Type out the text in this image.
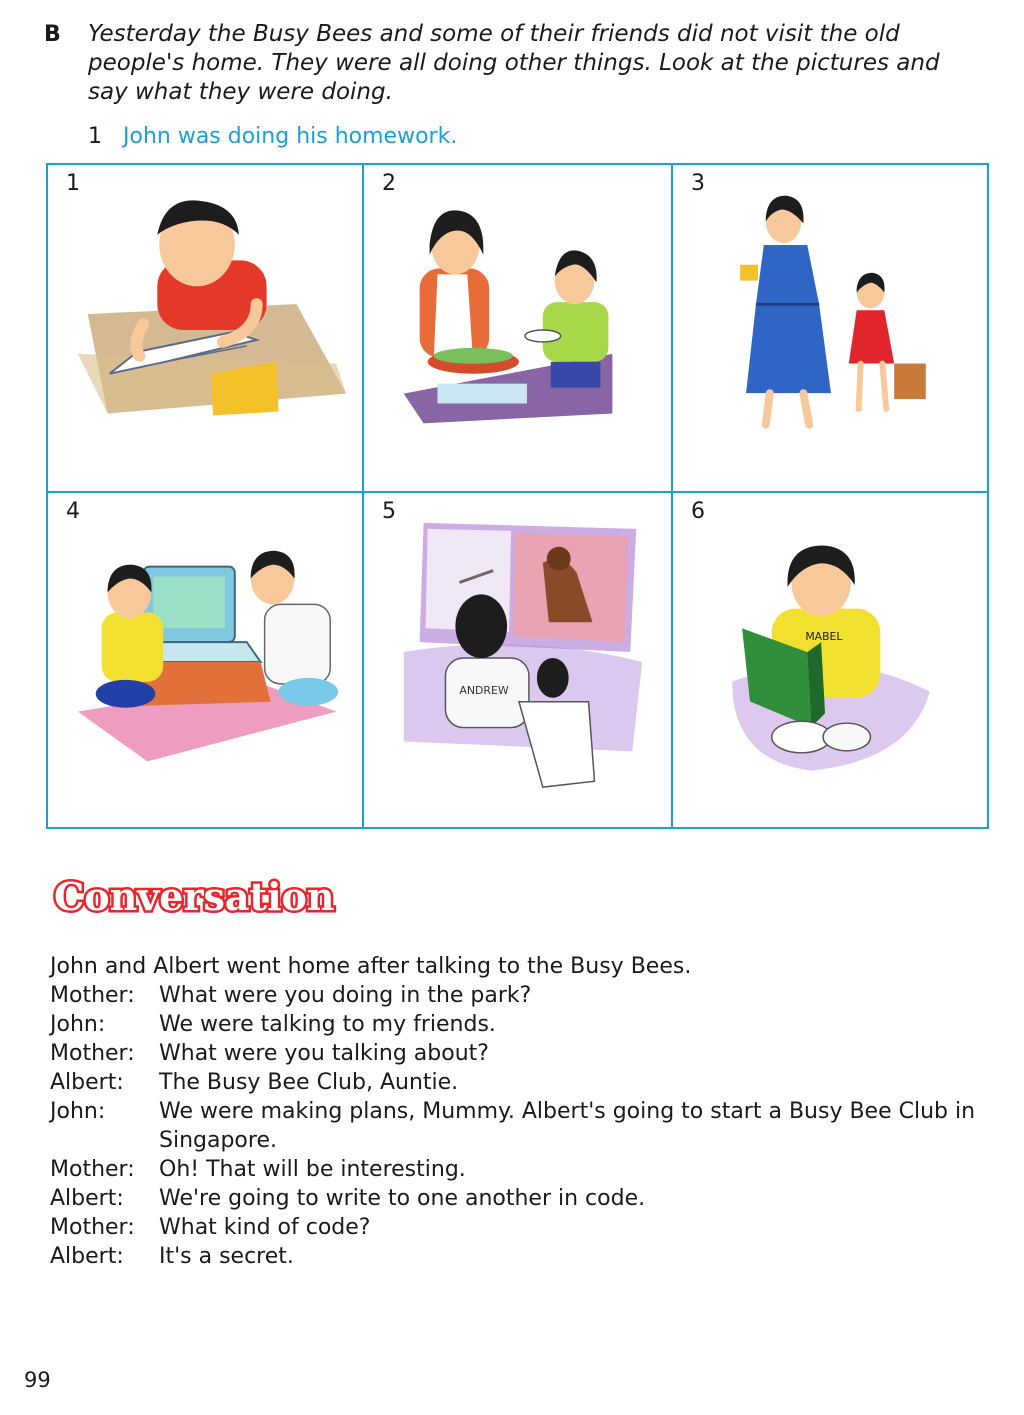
B Yesterday the Busy Bees and some of their friends did not visit the old people's home. They were all doing other things. Look at the pictures and say what they were doing.
1 John was doing his homework.
1	2	3
4	5
ANDREW
6
MABEL
Conversation

John and Albert went home after talking to the Busy Bees.

Mother:	What were you doing in the park?
John:	We were talking to my friends.
Mother:	What were you talking about?
Albert:	The Busy Bee Club, Auntie.
John:	We were making plans, Mummy. Albert's going to start a Busy Bee Club in Singapore.
Mother:	Oh! That will be interesting.
Albert:	We're going to write to one another in code.
Mother:	What kind of code?
Albert:	It's a secret.
99
